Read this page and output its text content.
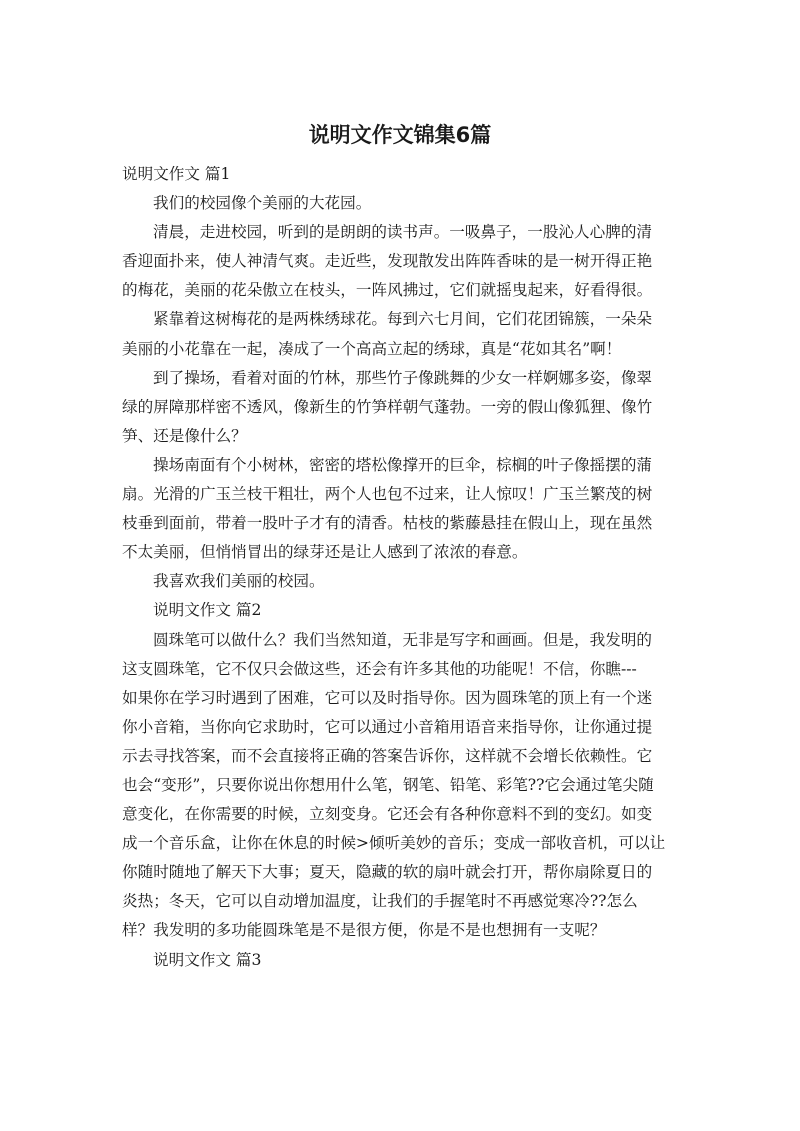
说明文作文锦集6篇
说明文作文 篇1
我们的校园像个美丽的大花园。
清晨，走进校园，听到的是朗朗的读书声。一吸鼻子，一股沁人心脾的清
香迎面扑来，使人神清气爽。走近些，发现散发出阵阵香味的是一树开得正艳
的梅花，美丽的花朵傲立在枝头，一阵风拂过，它们就摇曳起来，好看得很。
紧靠着这树梅花的是两株绣球花。每到六七月间，它们花团锦簇，一朵朵
美丽的小花靠在一起，凑成了一个高高立起的绣球，真是“花如其名”啊！
到了操场，看着对面的竹林，那些竹子像跳舞的少女一样婀娜多姿，像翠
绿的屏障那样密不透风，像新生的竹笋样朝气蓬勃。一旁的假山像狐狸、像竹
笋、还是像什么？
操场南面有个小树林，密密的塔松像撑开的巨伞，棕榈的叶子像摇摆的蒲
扇。光滑的广玉兰枝干粗壮，两个人也包不过来，让人惊叹！广玉兰繁茂的树
枝垂到面前，带着一股叶子才有的清香。枯枝的紫藤悬挂在假山上，现在虽然
不太美丽，但悄悄冒出的绿芽还是让人感到了浓浓的春意。
我喜欢我们美丽的校园。
说明文作文 篇2
圆珠笔可以做什么？我们当然知道，无非是写字和画画。但是，我发明的
这支圆珠笔，它不仅只会做这些，还会有许多其他的功能呢！不信，你瞧---
如果你在学习时遇到了困难，它可以及时指导你。因为圆珠笔的顶上有一个迷
你小音箱，当你向它求助时，它可以通过小音箱用语音来指导你，让你通过提
示去寻找答案，而不会直接将正确的答案告诉你，这样就不会增长依赖性。它
也会“变形”，只要你说出你想用什么笔，钢笔、铅笔、彩笔??它会通过笔尖随
意变化，在你需要的时候，立刻变身。它还会有各种你意料不到的变幻。如变
成一个音乐盒，让你在休息的时候>倾听美妙的音乐；变成一部收音机，可以让
你随时随地了解天下大事；夏天，隐藏的软的扇叶就会打开，帮你扇除夏日的
炎热；冬天，它可以自动增加温度，让我们的手握笔时不再感觉寒冷??怎么
样？我发明的多功能圆珠笔是不是很方便，你是不是也想拥有一支呢？
说明文作文 篇3
